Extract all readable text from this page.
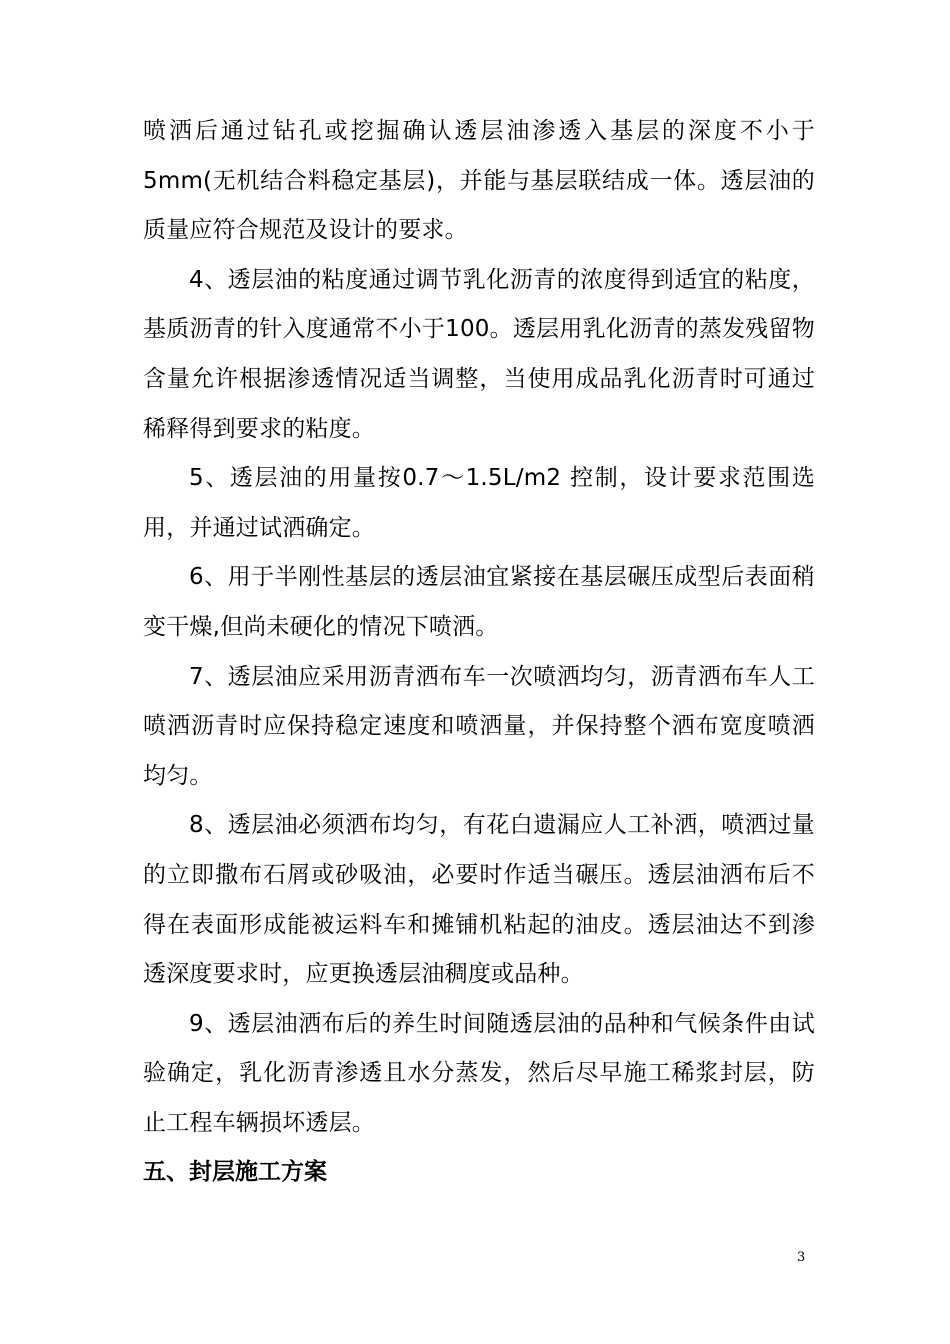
喷洒后通过钻孔或挖掘确认透层油渗透入基层的深度不小于5mm(无机结合料稳定基层)，并能与基层联结成一体。透层油的质量应符合规范及设计的要求。

4、透层油的粘度通过调节乳化沥青的浓度得到适宜的粘度，基质沥青的针入度通常不小于100。透层用乳化沥青的蒸发残留物含量允许根据渗透情况适当调整，当使用成品乳化沥青时可通过稀释得到要求的粘度。

5、透层油的用量按0.7～1.5L/m2 控制，设计要求范围选用，并通过试洒确定。

6、用于半刚性基层的透层油宜紧接在基层碾压成型后表面稍变干燥,但尚未硬化的情况下喷洒。

7、透层油应采用沥青洒布车一次喷洒均匀，沥青洒布车人工喷洒沥青时应保持稳定速度和喷洒量，并保持整个洒布宽度喷洒均匀。

8、透层油必须洒布均匀，有花白遗漏应人工补洒，喷洒过量的立即撒布石屑或砂吸油，必要时作适当碾压。透层油洒布后不得在表面形成能被运料车和摊铺机粘起的油皮。透层油达不到渗透深度要求时，应更换透层油稠度或品种。

9、透层油洒布后的养生时间随透层油的品种和气候条件由试验确定，乳化沥青渗透且水分蒸发，然后尽早施工稀浆封层，防止工程车辆损坏透层。

五、封层施工方案
3
